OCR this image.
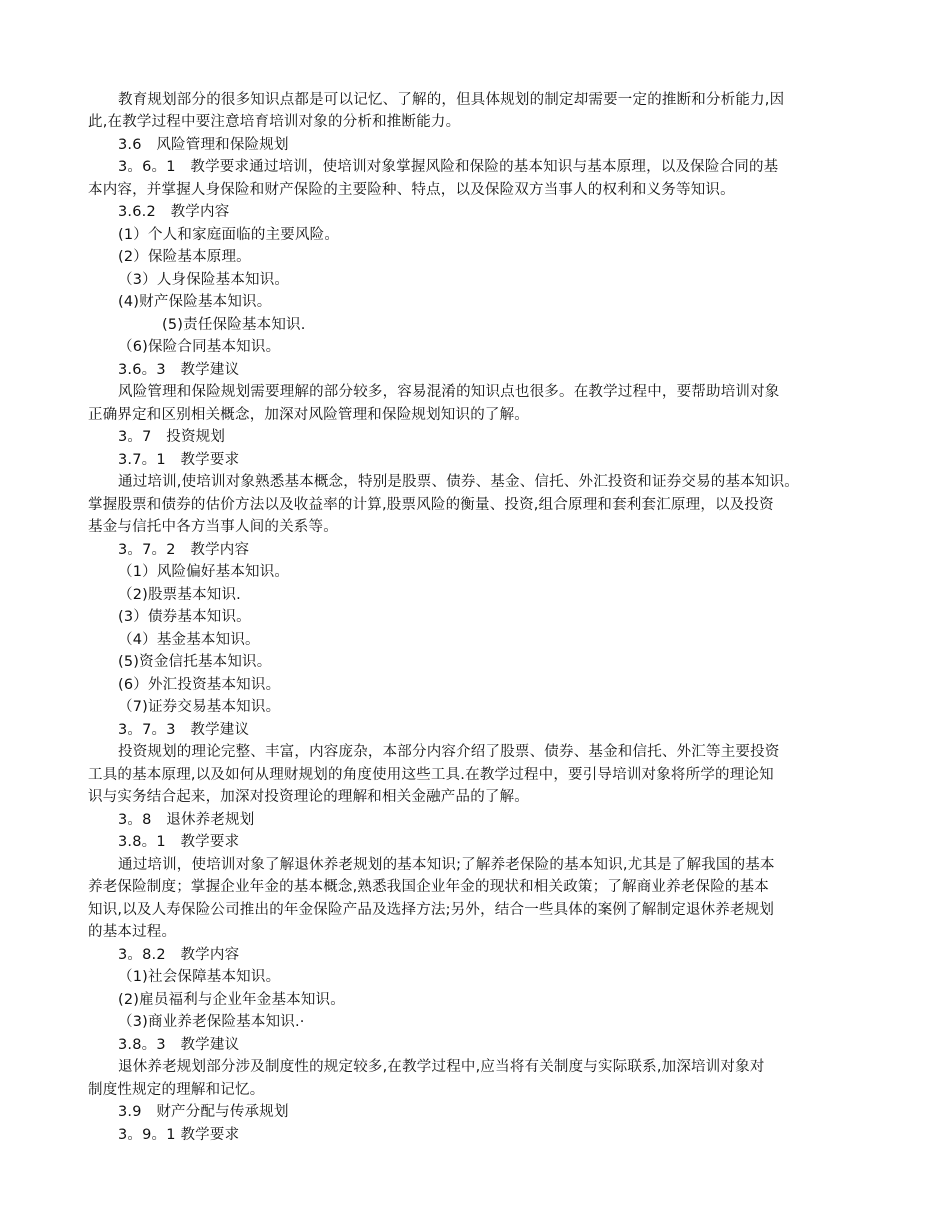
教育规划部分的很多知识点都是可以记忆、了解的，但具体规划的制定却需要一定的推断和分析能力,因
此,在教学过程中要注意培育培训对象的分析和推断能力。
3.6　风险管理和保险规划
3。6。1　教学要求通过培训，使培训对象掌握风险和保险的基本知识与基本原理，以及保险合同的基
本内容，并掌握人身保险和财产保险的主要险种、特点，以及保险双方当事人的权利和义务等知识。
3.6.2　教学内容
(1）个人和家庭面临的主要风险。
(2）保险基本原理。
（3）人身保险基本知识。
(4)财产保险基本知识。
(5)责任保险基本知识.
（6)保险合同基本知识。
3.6。3　教学建议
风险管理和保险规划需要理解的部分较多，容易混淆的知识点也很多。在教学过程中，要帮助培训对象
正确界定和区别相关概念，加深对风险管理和保险规划知识的了解。
3。7　投资规划
3.7。1　教学要求
通过培训,使培训对象熟悉基本概念，特别是股票、债券、基金、信托、外汇投资和证券交易的基本知识。
掌握股票和债券的估价方法以及收益率的计算,股票风险的衡量、投资,组合原理和套利套汇原理，以及投资
基金与信托中各方当事人间的关系等。
3。7。2　教学内容
（1）风险偏好基本知识。
（2)股票基本知识.
(3）债券基本知识。
（4）基金基本知识。
(5)资金信托基本知识。
(6）外汇投资基本知识。
（7)证券交易基本知识。
3。7。3　教学建议
投资规划的理论完整、丰富，内容庞杂，本部分内容介绍了股票、债券、基金和信托、外汇等主要投资
工具的基本原理,以及如何从理财规划的角度使用这些工具.在教学过程中，要引导培训对象将所学的理论知
识与实务结合起来，加深对投资理论的理解和相关金融产品的了解。
3。8　退休养老规划
3.8。1　教学要求
通过培训，使培训对象了解退休养老规划的基本知识;了解养老保险的基本知识,尤其是了解我国的基本
养老保险制度；掌握企业年金的基本概念,熟悉我国企业年金的现状和相关政策；了解商业养老保险的基本
知识,以及人寿保险公司推出的年金保险产品及选择方法;另外，结合一些具体的案例了解制定退休养老规划
的基本过程。
3。8.2　教学内容
（1)社会保障基本知识。
(2)雇员福利与企业年金基本知识。
（3)商业养老保险基本知识.·
3.8。3　教学建议
退休养老规划部分涉及制度性的规定较多,在教学过程中,应当将有关制度与实际联系,加深培训对象对
制度性规定的理解和记忆。
3.9　财产分配与传承规划
3。9。1 教学要求
